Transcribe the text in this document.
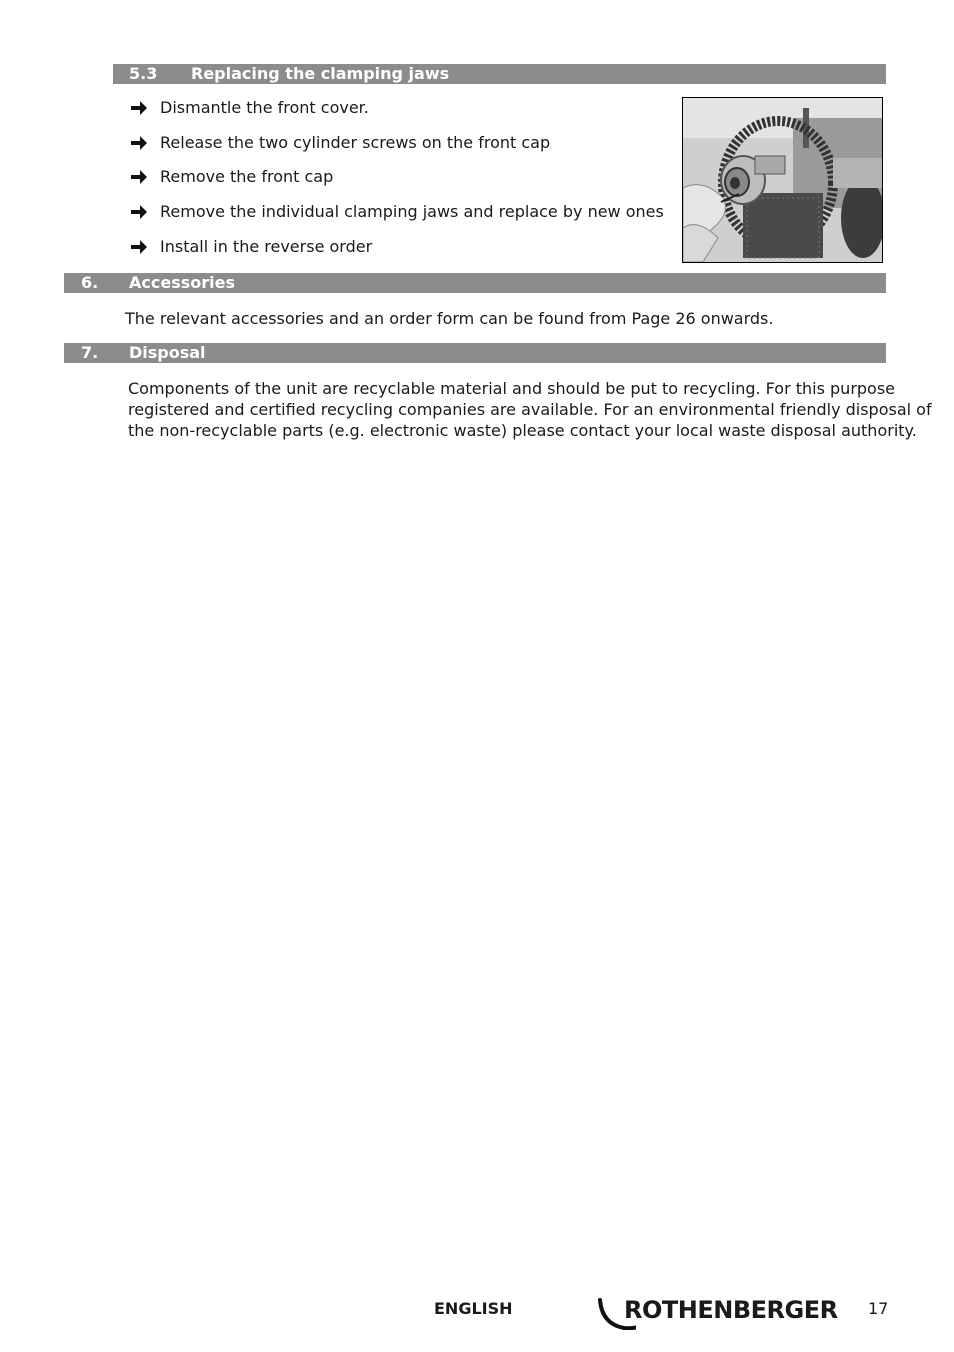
5.3 Replacing the clamping jaws
Dismantle the front cover.
Release the two cylinder screws on the front cap
Remove the front cap
Remove the individual clamping jaws and replace by new ones
Install in the reverse order
6. Accessories
The relevant accessories and an order form can be found from Page 26 onwards.
7. Disposal
Components of the unit are recyclable material and should be put to recycling. For this purpose
registered and certified recycling companies are available. For an environmental friendly disposal of
the non-recyclable parts (e.g. electronic waste) please contact your local waste disposal authority.
ENGLISH	ROTHENBERGER 17
